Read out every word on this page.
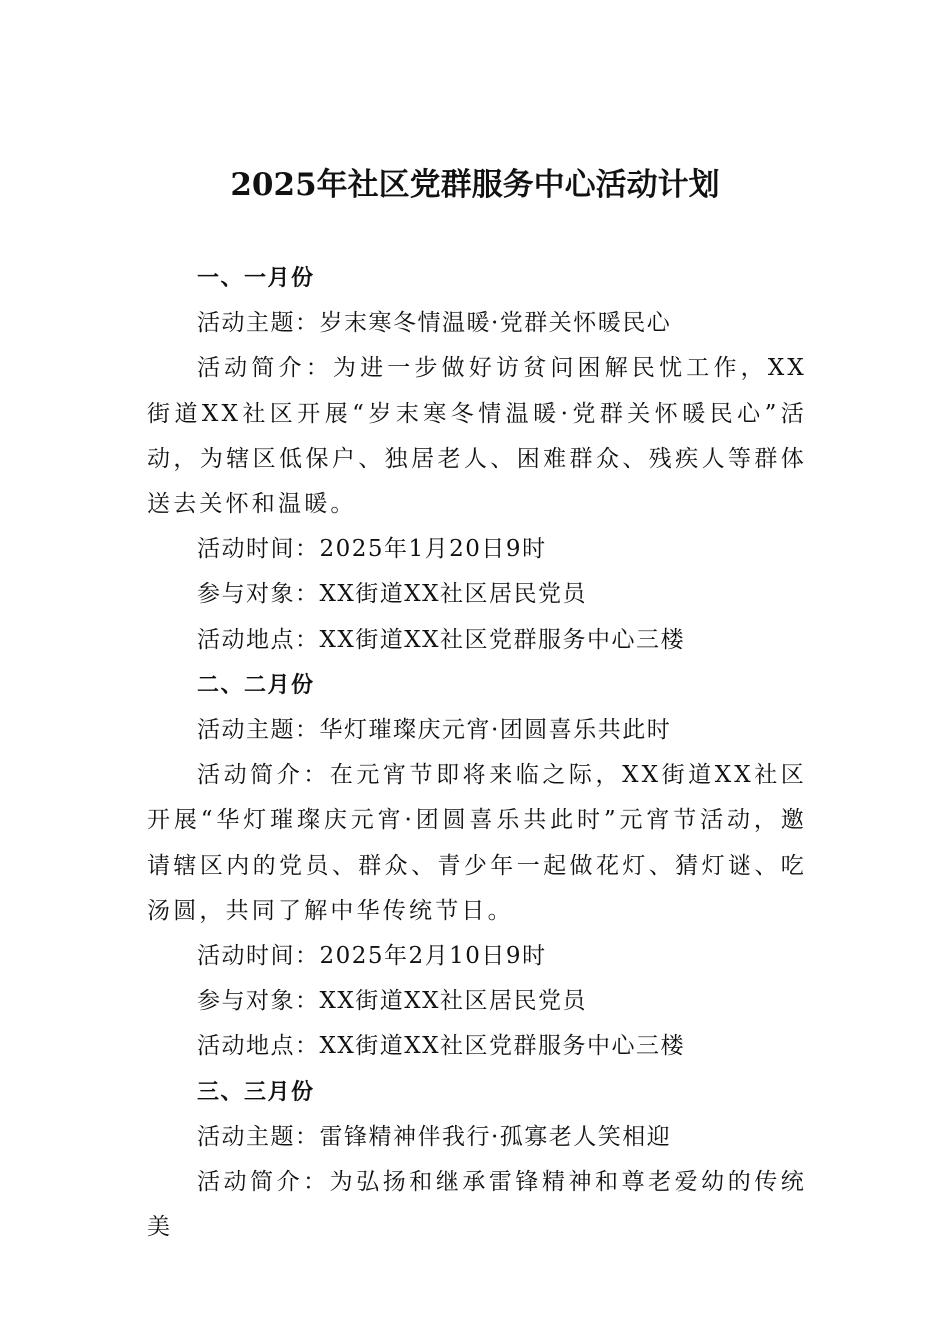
2025年社区党群服务中心活动计划

一、一月份

活动主题：岁末寒冬情温暖·党群关怀暖民心

活动简介：为进一步做好访贫问困解民忧工作，XX街道XX社区开展“岁末寒冬情温暖·党群关怀暖民心”活动，为辖区低保户、独居老人、困难群众、残疾人等群体送去关怀和温暖。

活动时间：2025年1月20日9时

参与对象：XX街道XX社区居民党员

活动地点：XX街道XX社区党群服务中心三楼

二、二月份

活动主题：华灯璀璨庆元宵·团圆喜乐共此时

活动简介：在元宵节即将来临之际，XX街道XX社区开展“华灯璀璨庆元宵·团圆喜乐共此时”元宵节活动，邀请辖区内的党员、群众、青少年一起做花灯、猜灯谜、吃汤圆，共同了解中华传统节日。

活动时间：2025年2月10日9时

参与对象：XX街道XX社区居民党员

活动地点：XX街道XX社区党群服务中心三楼

三、三月份

活动主题：雷锋精神伴我行·孤寡老人笑相迎

活动简介：为弘扬和继承雷锋精神和尊老爱幼的传统美
